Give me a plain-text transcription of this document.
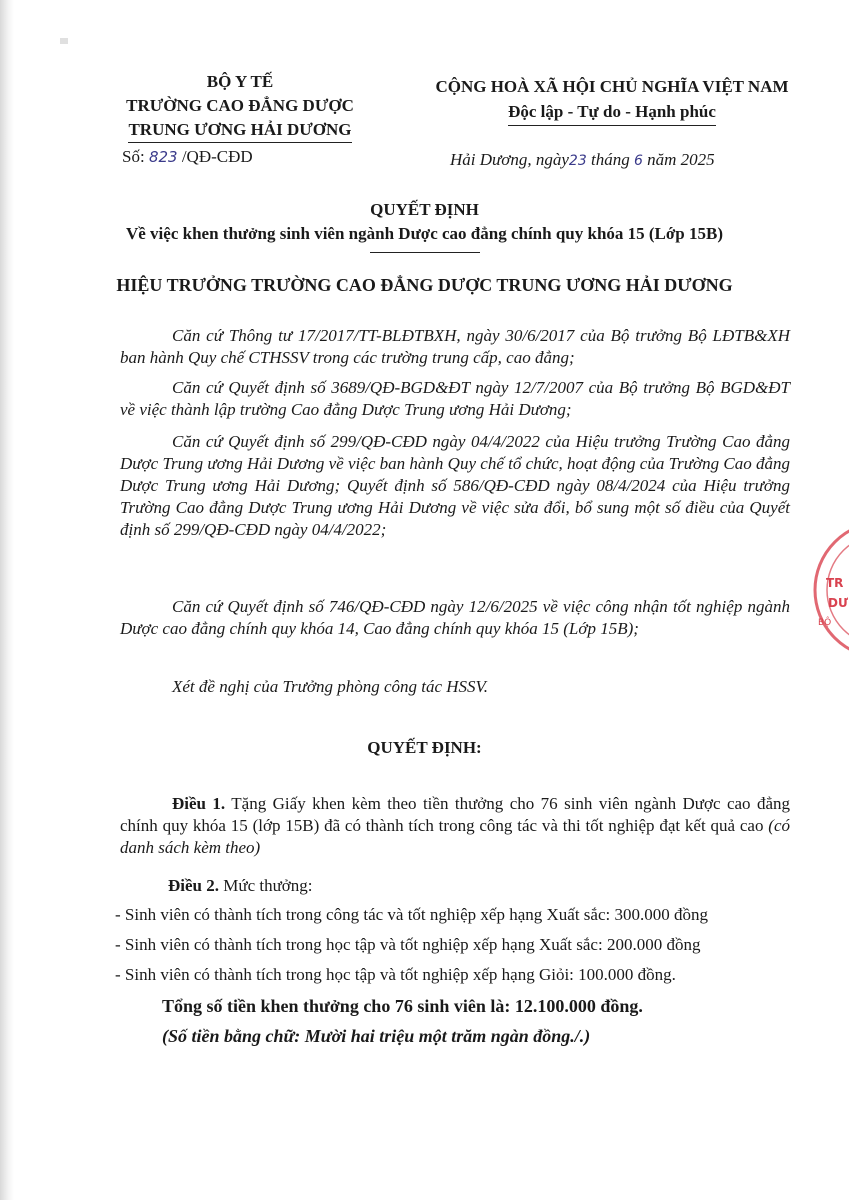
BỘ Y TẾ
TRƯỜNG CAO ĐẲNG DƯỢC
TRUNG ƯƠNG HẢI DƯƠNG
Số: 823 /QĐ-CĐD
CỘNG HOÀ XÃ HỘI CHỦ NGHĨA VIỆT NAM
Độc lập - Tự do - Hạnh phúc
Hải Dương, ngày23 tháng 6 năm 2025
QUYẾT ĐỊNH
Về việc khen thưởng sinh viên ngành Dược cao đẳng chính quy khóa 15 (Lớp 15B)
HIỆU TRƯỞNG TRƯỜNG CAO ĐẲNG DƯỢC TRUNG ƯƠNG HẢI DƯƠNG
Căn cứ Thông tư 17/2017/TT-BLĐTBXH, ngày 30/6/2017 của Bộ trưởng Bộ LĐTB&XH ban hành Quy chế CTHSSV trong các trường trung cấp, cao đẳng;
Căn cứ Quyết định số 3689/QĐ-BGD&ĐT ngày 12/7/2007 của Bộ trưởng Bộ BGD&ĐT về việc thành lập trường Cao đẳng Dược Trung ương Hải Dương;
Căn cứ Quyết định số 299/QĐ-CĐD ngày 04/4/2022 của Hiệu trưởng Trường Cao đẳng Dược Trung ương Hải Dương về việc ban hành Quy chế tổ chức, hoạt động của Trường Cao đẳng Dược Trung ương Hải Dương; Quyết định số 586/QĐ-CĐD ngày 08/4/2024 của Hiệu trưởng Trường Cao đẳng Dược Trung ương Hải Dương về việc sửa đổi, bổ sung một số điều của Quyết định số 299/QĐ-CĐD ngày 04/4/2022;
Căn cứ Quyết định số 746/QĐ-CĐD ngày 12/6/2025 về việc công nhận tốt nghiệp ngành Dược cao đẳng chính quy khóa 14, Cao đẳng chính quy khóa 15 (Lớp 15B);
Xét đề nghị của Trưởng phòng công tác HSSV.
QUYẾT ĐỊNH:
Điều 1. Tặng Giấy khen kèm theo tiền thưởng cho 76 sinh viên ngành Dược cao đẳng chính quy khóa 15 (lớp 15B) đã có thành tích trong công tác và thi tốt nghiệp đạt kết quả cao (có danh sách kèm theo)
Điều 2. Mức thưởng:
- Sinh viên có thành tích trong công tác và tốt nghiệp xếp hạng Xuất sắc: 300.000 đồng
- Sinh viên có thành tích trong học tập và tốt nghiệp xếp hạng Xuất sắc: 200.000 đồng
- Sinh viên có thành tích trong học tập và tốt nghiệp xếp hạng Giỏi: 100.000 đồng.
Tổng số tiền khen thưởng cho 76 sinh viên là: 12.100.000 đồng.
(Số tiền bằng chữ: Mười hai triệu một trăm ngàn đồng./.)
TR
DƯ
BỘ
